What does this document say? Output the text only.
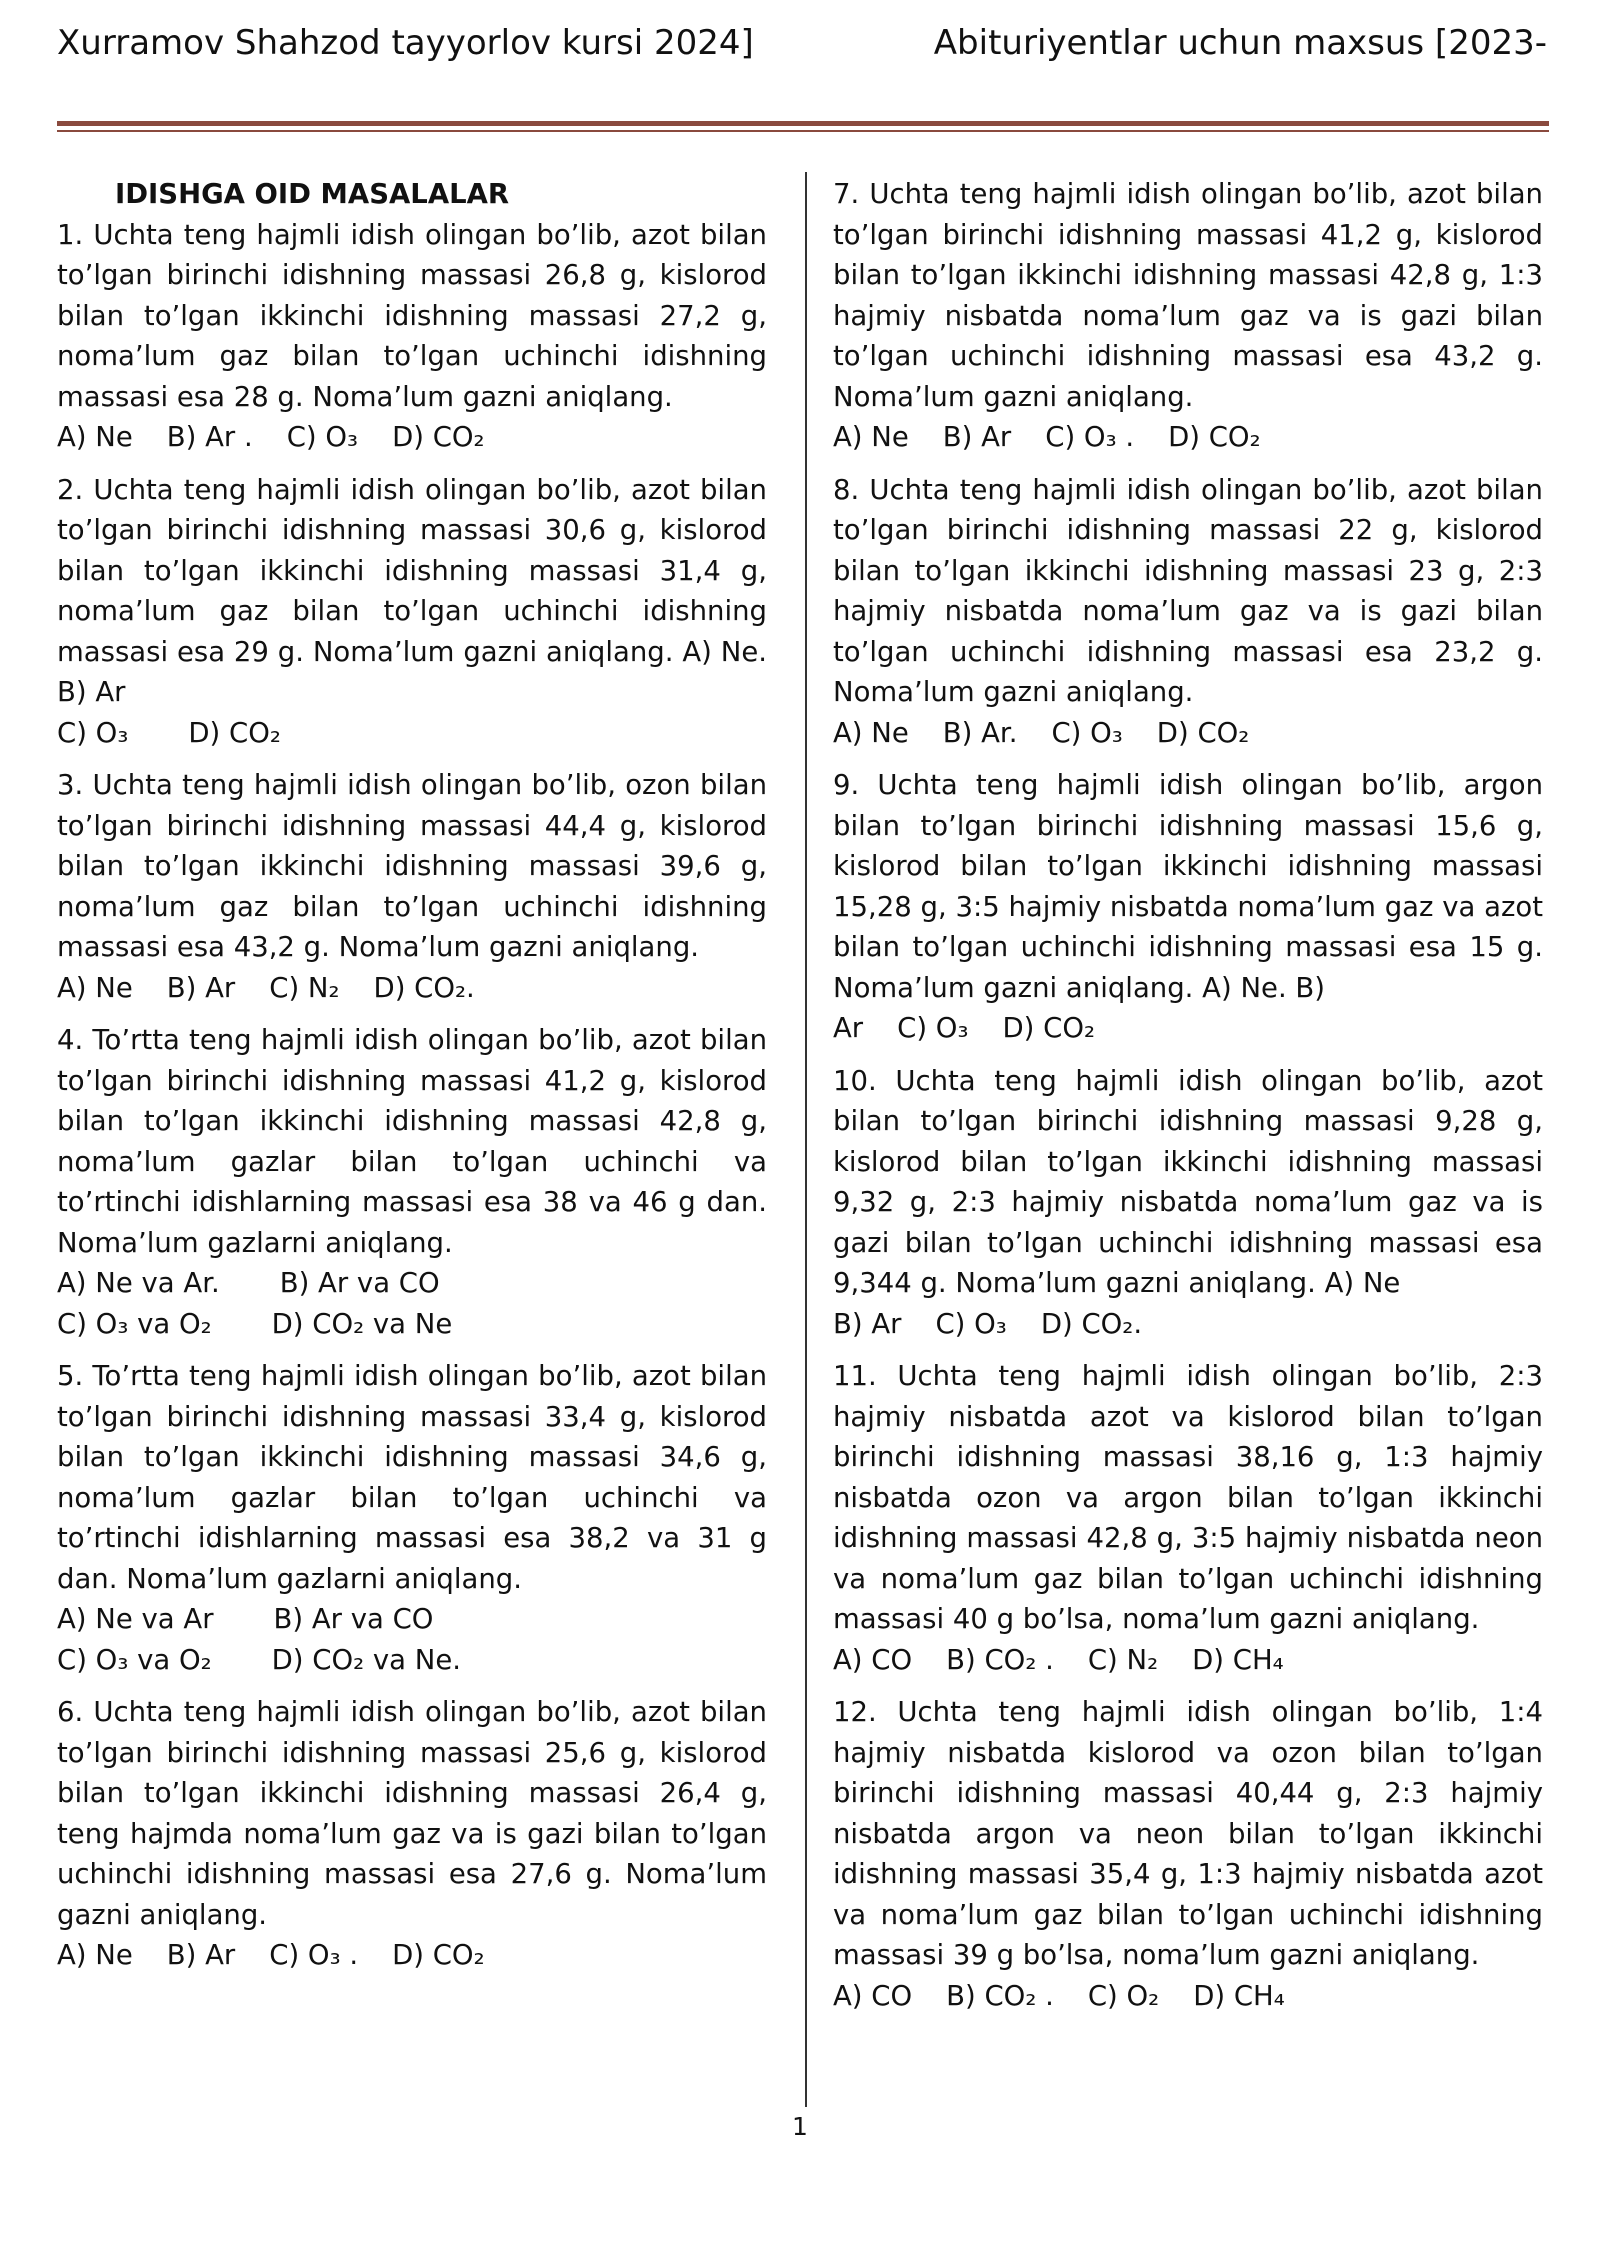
Xurramov Shahzod tayyorlov kursi 2024]	Abituriyentlar uchun maxsus [2023-

IDISHGA OID MASALALAR

1. Uchta teng hajmli idish olingan bo’lib, azot bilan to’lgan birinchi idishning massasi 26,8 g, kislorod bilan to’lgan ikkinchi idishning massasi 27,2 g, noma’lum gaz bilan to’lgan uchinchi idishning massasi esa 28 g. Noma’lum gazni aniqlang.

A) Ne B) Ar . C) O₃ D) CO₂

2. Uchta teng hajmli idish olingan bo’lib, azot bilan to’lgan birinchi idishning massasi 30,6 g, kislorod bilan to’lgan ikkinchi idishning massasi 31,4 g, noma’lum gaz bilan to’lgan uchinchi idishning massasi esa 29 g. Noma’lum gazni aniqlang. A) Ne. B) Ar

C) O₃ D) CO₂

3. Uchta teng hajmli idish olingan bo’lib, ozon bilan to’lgan birinchi idishning massasi 44,4 g, kislorod bilan to’lgan ikkinchi idishning massasi 39,6 g, noma’lum gaz bilan to’lgan uchinchi idishning massasi esa 43,2 g. Noma’lum gazni aniqlang.

A) Ne B) Ar C) N₂ D) CO₂.

4. To’rtta teng hajmli idish olingan bo’lib, azot bilan to’lgan birinchi idishning massasi 41,2 g, kislorod bilan to’lgan ikkinchi idishning massasi 42,8 g, noma’lum gazlar bilan to’lgan uchinchi va to’rtinchi idishlarning massasi esa 38 va 46 g dan. Noma’lum gazlarni aniqlang.

A) Ne va Ar. B) Ar va CO
C) O₃ va O₂ D) CO₂ va Ne

5. To’rtta teng hajmli idish olingan bo’lib, azot bilan to’lgan birinchi idishning massasi 33,4 g, kislorod bilan to’lgan ikkinchi idishning massasi 34,6 g, noma’lum gazlar bilan to’lgan uchinchi va to’rtinchi idishlarning massasi esa 38,2 va 31 g dan. Noma’lum gazlarni aniqlang.

A) Ne va Ar B) Ar va CO
C) O₃ va O₂ D) CO₂ va Ne.

6. Uchta teng hajmli idish olingan bo’lib, azot bilan to’lgan birinchi idishning massasi 25,6 g, kislorod bilan to’lgan ikkinchi idishning massasi 26,4 g, teng hajmda noma’lum gaz va is gazi bilan to’lgan uchinchi idishning massasi esa 27,6 g. Noma’lum gazni aniqlang.

A) Ne B) Ar C) O₃ . D) CO₂

7. Uchta teng hajmli idish olingan bo’lib, azot bilan to’lgan birinchi idishning massasi 41,2 g, kislorod bilan to’lgan ikkinchi idishning massasi 42,8 g, 1:3 hajmiy nisbatda noma’lum gaz va is gazi bilan to’lgan uchinchi idishning massasi esa 43,2 g. Noma’lum gazni aniqlang.

A) Ne B) Ar C) O₃ . D) CO₂

8. Uchta teng hajmli idish olingan bo’lib, azot bilan to’lgan birinchi idishning massasi 22 g, kislorod bilan to’lgan ikkinchi idishning massasi 23 g, 2:3 hajmiy nisbatda noma’lum gaz va is gazi bilan to’lgan uchinchi idishning massasi esa 23,2 g. Noma’lum gazni aniqlang.

A) Ne B) Ar. C) O₃ D) CO₂

9. Uchta teng hajmli idish olingan bo’lib, argon bilan to’lgan birinchi idishning massasi 15,6 g, kislorod bilan to’lgan ikkinchi idishning massasi 15,28 g, 3:5 hajmiy nisbatda noma’lum gaz va azot bilan to’lgan uchinchi idishning massasi esa 15 g. Noma’lum gazni aniqlang. A) Ne. B)

Ar C) O₃ D) CO₂

10. Uchta teng hajmli idish olingan bo’lib, azot bilan to’lgan birinchi idishning massasi 9,28 g, kislorod bilan to’lgan ikkinchi idishning massasi 9,32 g, 2:3 hajmiy nisbatda noma’lum gaz va is gazi bilan to’lgan uchinchi idishning massasi esa 9,344 g. Noma’lum gazni aniqlang. A) Ne

B) Ar C) O₃ D) CO₂.

11. Uchta teng hajmli idish olingan bo’lib, 2:3 hajmiy nisbatda azot va kislorod bilan to’lgan birinchi idishning massasi 38,16 g, 1:3 hajmiy nisbatda ozon va argon bilan to’lgan ikkinchi idishning massasi 42,8 g, 3:5 hajmiy nisbatda neon va noma’lum gaz bilan to’lgan uchinchi idishning massasi 40 g bo’lsa, noma’lum gazni aniqlang.

A) CO B) CO₂ . C) N₂ D) CH₄

12. Uchta teng hajmli idish olingan bo’lib, 1:4 hajmiy nisbatda kislorod va ozon bilan to’lgan birinchi idishning massasi 40,44 g, 2:3 hajmiy nisbatda argon va neon bilan to’lgan ikkinchi idishning massasi 35,4 g, 1:3 hajmiy nisbatda azot va noma’lum gaz bilan to’lgan uchinchi idishning massasi 39 g bo’lsa, noma’lum gazni aniqlang.

A) CO B) CO₂ . C) O₂ D) CH₄
1
